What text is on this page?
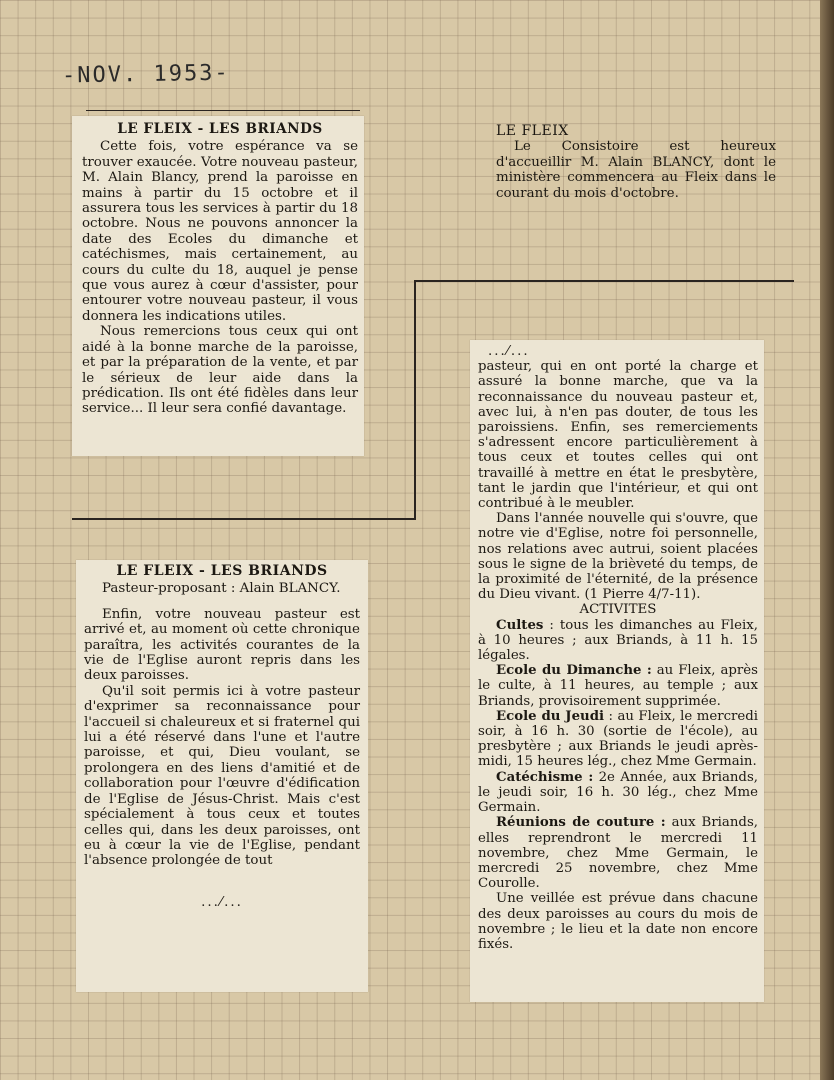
-NOV. 1953-

LE FLEIX - LES BRIANDS

Cette fois, votre espérance va se trouver exaucée. Votre nouveau pasteur, M. Alain Blancy, prend la paroisse en mains à partir du 15 octobre et il assurera tous les services à partir du 18 octobre. Nous ne pouvons annoncer la date des Ecoles du dimanche et catéchismes, mais certainement, au cours du culte du 18, auquel je pense que vous aurez à cœur d'assister, pour entourer votre nouveau pasteur, il vous donnera les indications utiles.

Nous remercions tous ceux qui ont aidé à la bonne marche de la paroisse, et par la préparation de la vente, et par le sérieux de leur aide dans la prédication. Ils ont été fidèles dans leur service... Il leur sera confié davantage.

LE FLEIX

Le Consistoire est heureux d'accueillir M. Alain BLANCY, dont le ministère commencera au Fleix dans le courant du mois d'octobre.

LE FLEIX - LES BRIANDS

Pasteur-proposant : Alain BLANCY.

Enfin, votre nouveau pasteur est arrivé et, au moment où cette chronique paraîtra, les activités courantes de la vie de l'Eglise auront repris dans les deux paroisses.

Qu'il soit permis ici à votre pasteur d'exprimer sa reconnaissance pour l'accueil si chaleureux et si fraternel qui lui a été réservé dans l'une et l'autre paroisse, et qui, Dieu voulant, se prolongera en des liens d'amitié et de collaboration pour l'œuvre d'édification de l'Eglise de Jésus-Christ. Mais c'est spécialement à tous ceux et toutes celles qui, dans les deux paroisses, ont eu à cœur la vie de l'Eglise, pendant l'absence prolongée de tout

...⁄...

...⁄...

pasteur, qui en ont porté la charge et assuré la bonne marche, que va la reconnaissance du nouveau pasteur et, avec lui, à n'en pas douter, de tous les paroissiens. Enfin, ses remerciements s'adressent encore particulièrement à tous ceux et toutes celles qui ont travaillé à mettre en état le presbytère, tant le jardin que l'intérieur, et qui ont contribué à le meubler.

Dans l'année nouvelle qui s'ouvre, que notre vie d'Eglise, notre foi personnelle, nos relations avec autrui, soient placées sous le signe de la brièveté du temps, de la proximité de l'éternité, de la présence du Dieu vivant. (1 Pierre 4/7-11).

ACTIVITES

Cultes : tous les dimanches au Fleix, à 10 heures ; aux Briands, à 11 h. 15 légales.

Ecole du Dimanche : au Fleix, après le culte, à 11 heures, au temple ; aux Briands, provisoirement supprimée.

Ecole du Jeudi : au Fleix, le mercredi soir, à 16 h. 30 (sortie de l'école), au presbytère ; aux Briands le jeudi après-midi, 15 heures lég., chez Mme Germain.

Catéchisme : 2e Année, aux Briands, le jeudi soir, 16 h. 30 lég., chez Mme Germain.

Réunions de couture : aux Briands, elles reprendront le mercredi 11 novembre, chez Mme Germain, le mercredi 25 novembre, chez Mme Courolle.

Une veillée est prévue dans chacune des deux paroisses au cours du mois de novembre ; le lieu et la date non encore fixés.
